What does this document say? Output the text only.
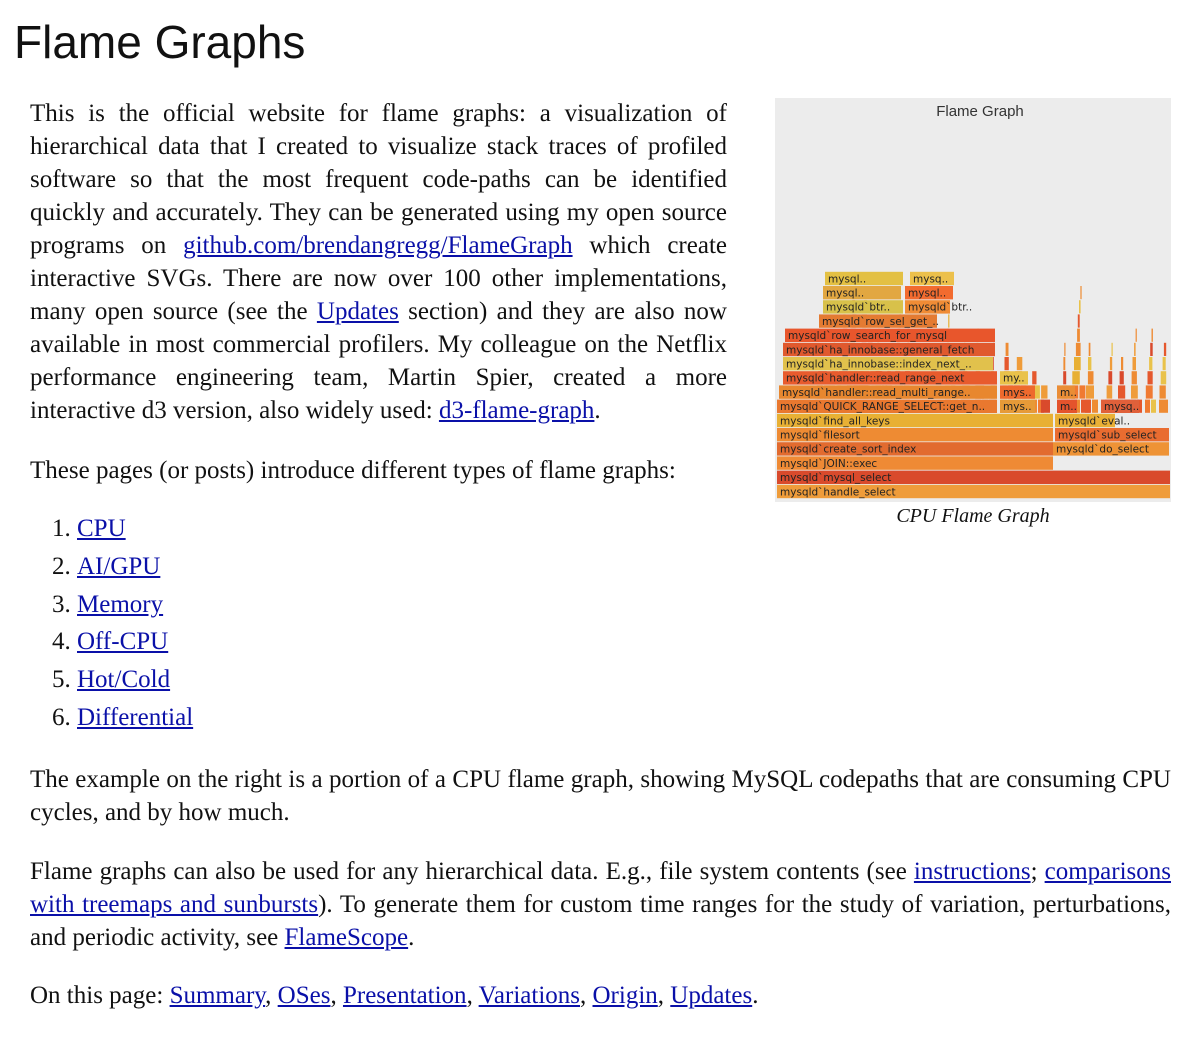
Flame Graphs

This is the official website for flame graphs: a visualization of hierarchical data that I created to visualize stack traces of profiled software so that the most frequent code-paths can be identified quickly and accurately. They can be generated using my open source programs on github.com/brendangregg/FlameGraph which create interactive SVGs. There are now over 100 other implementations, many open source (see the Updates section) and they are also now available in most commercial profilers. My colleague on the Netflix performance engineering team, Martin Spier, created a more interactive d3 version, also widely used: d3-flame-graph.

These pages (or posts) introduce different types of flame graphs:

1. CPU
2. AI/GPU
3. Memory
4. Off-CPU
5. Hot/Cold
6. Differential

The example on the right is a portion of a CPU flame graph, showing MySQL codepaths that are consuming CPU cycles, and by how much.

Flame graphs can also be used for any hierarchical data. E.g., file system contents (see instructions; comparisons with treemaps and sunbursts). To generate them for custom time ranges for the study of variation, perturbations, and periodic activity, see FlameScope.

On this page: Summary, OSes, Presentation, Variations, Origin, Updates.

Flame Graph
mysqld`handle_select
mysqld`mysql_select
mysqld`JOIN::exec
mysqld`create_sort_index
mysqld`filesort
mysqld`find_all_keys
mysqld`QUICK_RANGE_SELECT::get_n.. mys..
mysqld`handler::read_multi_range..	mys..
mysqld`handler::read_range_next	my..
mysqld`ha_innobase::index_next_..
mysqld`ha_innobase::general_fetch
mysqld`row_search_for_mysql
mysqld`row_sel_get_..
mysqld`btr..
mysql..
mysqld`btr..
mysql..
mysql..	mysq..
mysqld`do_select
mysqld`sub_select
mysqld`eval..
m..	mysq..
m..
CPU Flame Graph
